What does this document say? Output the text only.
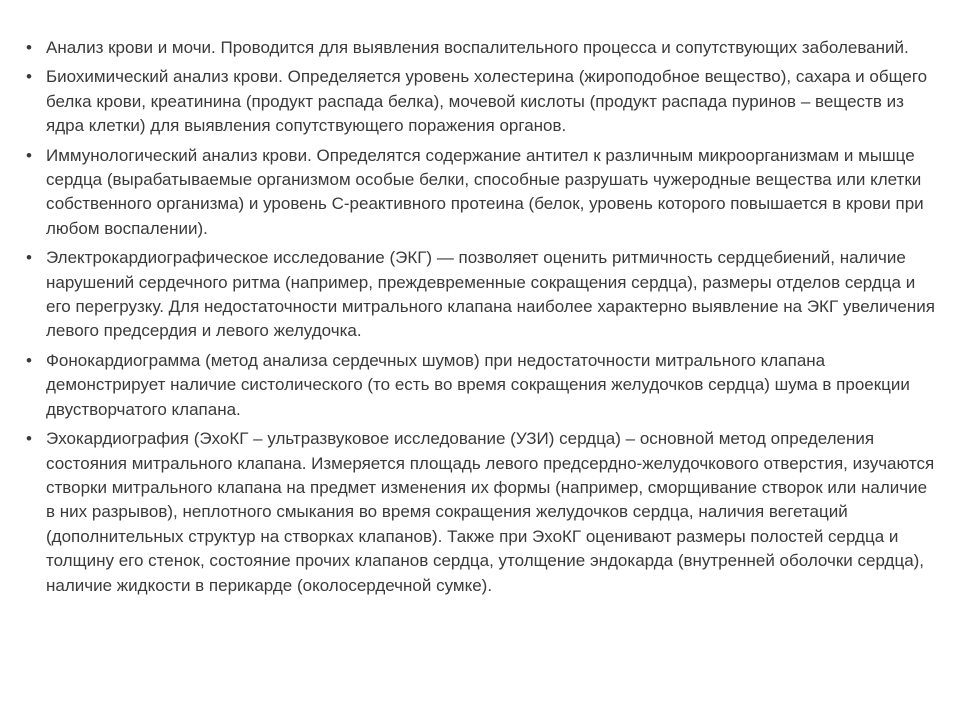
• Анализ крови и мочи. Проводится для выявления воспалительного процесса и сопутствующих заболеваний.
• Биохимический анализ крови. Определяется уровень холестерина (жироподобное вещество), сахара и общего белка крови, креатинина (продукт распада белка), мочевой кислоты (продукт распада пуринов – веществ из ядра клетки) для выявления сопутствующего поражения органов.
• Иммунологический анализ крови. Определятся содержание антител к различным микроорганизмам и мышце сердца (вырабатываемые организмом особые белки, способные разрушать чужеродные вещества или клетки собственного организма) и уровень С-реактивного протеина (белок, уровень которого повышается в крови при любом воспалении).
• Электрокардиографическое исследование (ЭКГ) — позволяет оценить ритмичность сердцебиений, наличие нарушений сердечного ритма (например, преждевременные сокращения сердца), размеры отделов сердца и его перегрузку. Для недостаточности митрального клапана наиболее характерно выявление на ЭКГ увеличения левого предсердия и левого желудочка.
• Фонокардиограмма (метод анализа сердечных шумов) при недостаточности митрального клапана демонстрирует наличие систолического (то есть во время сокращения желудочков сердца) шума в проекции двустворчатого клапана.
• Эхокардиография (ЭхоКГ – ультразвуковое исследование (УЗИ) сердца) – основной метод определения состояния митрального клапана. Измеряется площадь левого предсердно-желудочкового отверстия, изучаются створки митрального клапана на предмет изменения их формы (например, сморщивание створок или наличие в них разрывов), неплотного смыкания во время сокращения желудочков сердца, наличия вегетаций (дополнительных структур на створках клапанов). Также при ЭхоКГ оценивают размеры полостей сердца и толщину его стенок, состояние прочих клапанов сердца, утолщение эндокарда (внутренней оболочки сердца), наличие жидкости в перикарде (околосердечной сумке).
